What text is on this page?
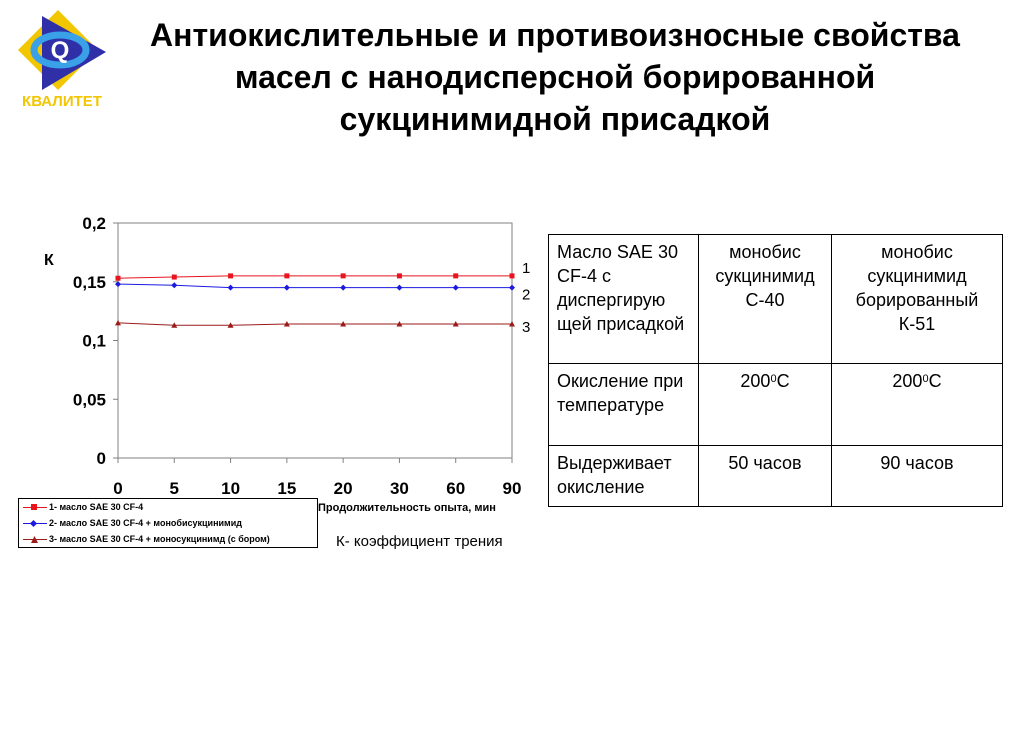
Q
КВАЛИТЕТ
Антиокислительные и противоизносные свойства масел с нанодисперсной борированной сукцинимидной присадкой
0
0,05
0,1
0,15
0,2
0	5 10 15 20 30 60 90
К	1
2
3
1- масло SAE 30 CF-4
2- масло SAE 30 CF-4 + монобисукцинимид
3- масло SAE 30 CF-4 + моносукцинимд (с бором)
Продолжительность опыта, мин
К- коэффициент трения
Масло SAE 30 CF-4 с диспергирую щей присадкой	монобис сукцинимид С-40	монобис сукцинимид борированный К-51
Окисление при температуре	$200^0С$	$200^0С$
Выдерживает окисление	50 часов	90 часов
